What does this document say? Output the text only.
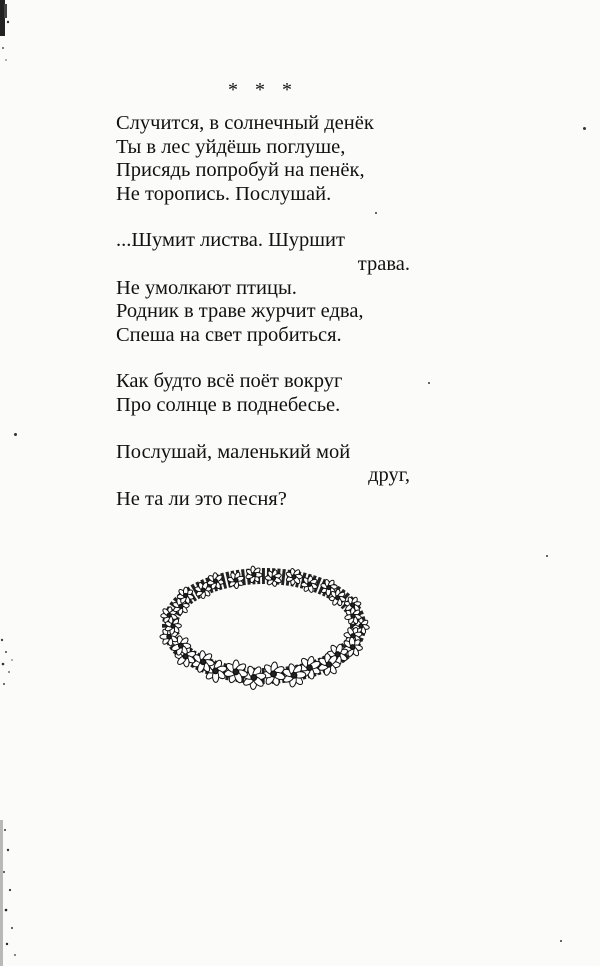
* * *
Случится, в солнечный денёк
Ты в лес уйдёшь поглуше,
Присядь попробуй на пенёк,
Не торопись. Послушай.
...Шумит листва. Шуршит
трава.
Не умолкают птицы.
Родник в траве журчит едва,
Спеша на свет пробиться.
Как будто всё поёт вокруг
Про солнце в поднебесье.
Послушай, маленький мой
друг,
Не та ли это песня?
